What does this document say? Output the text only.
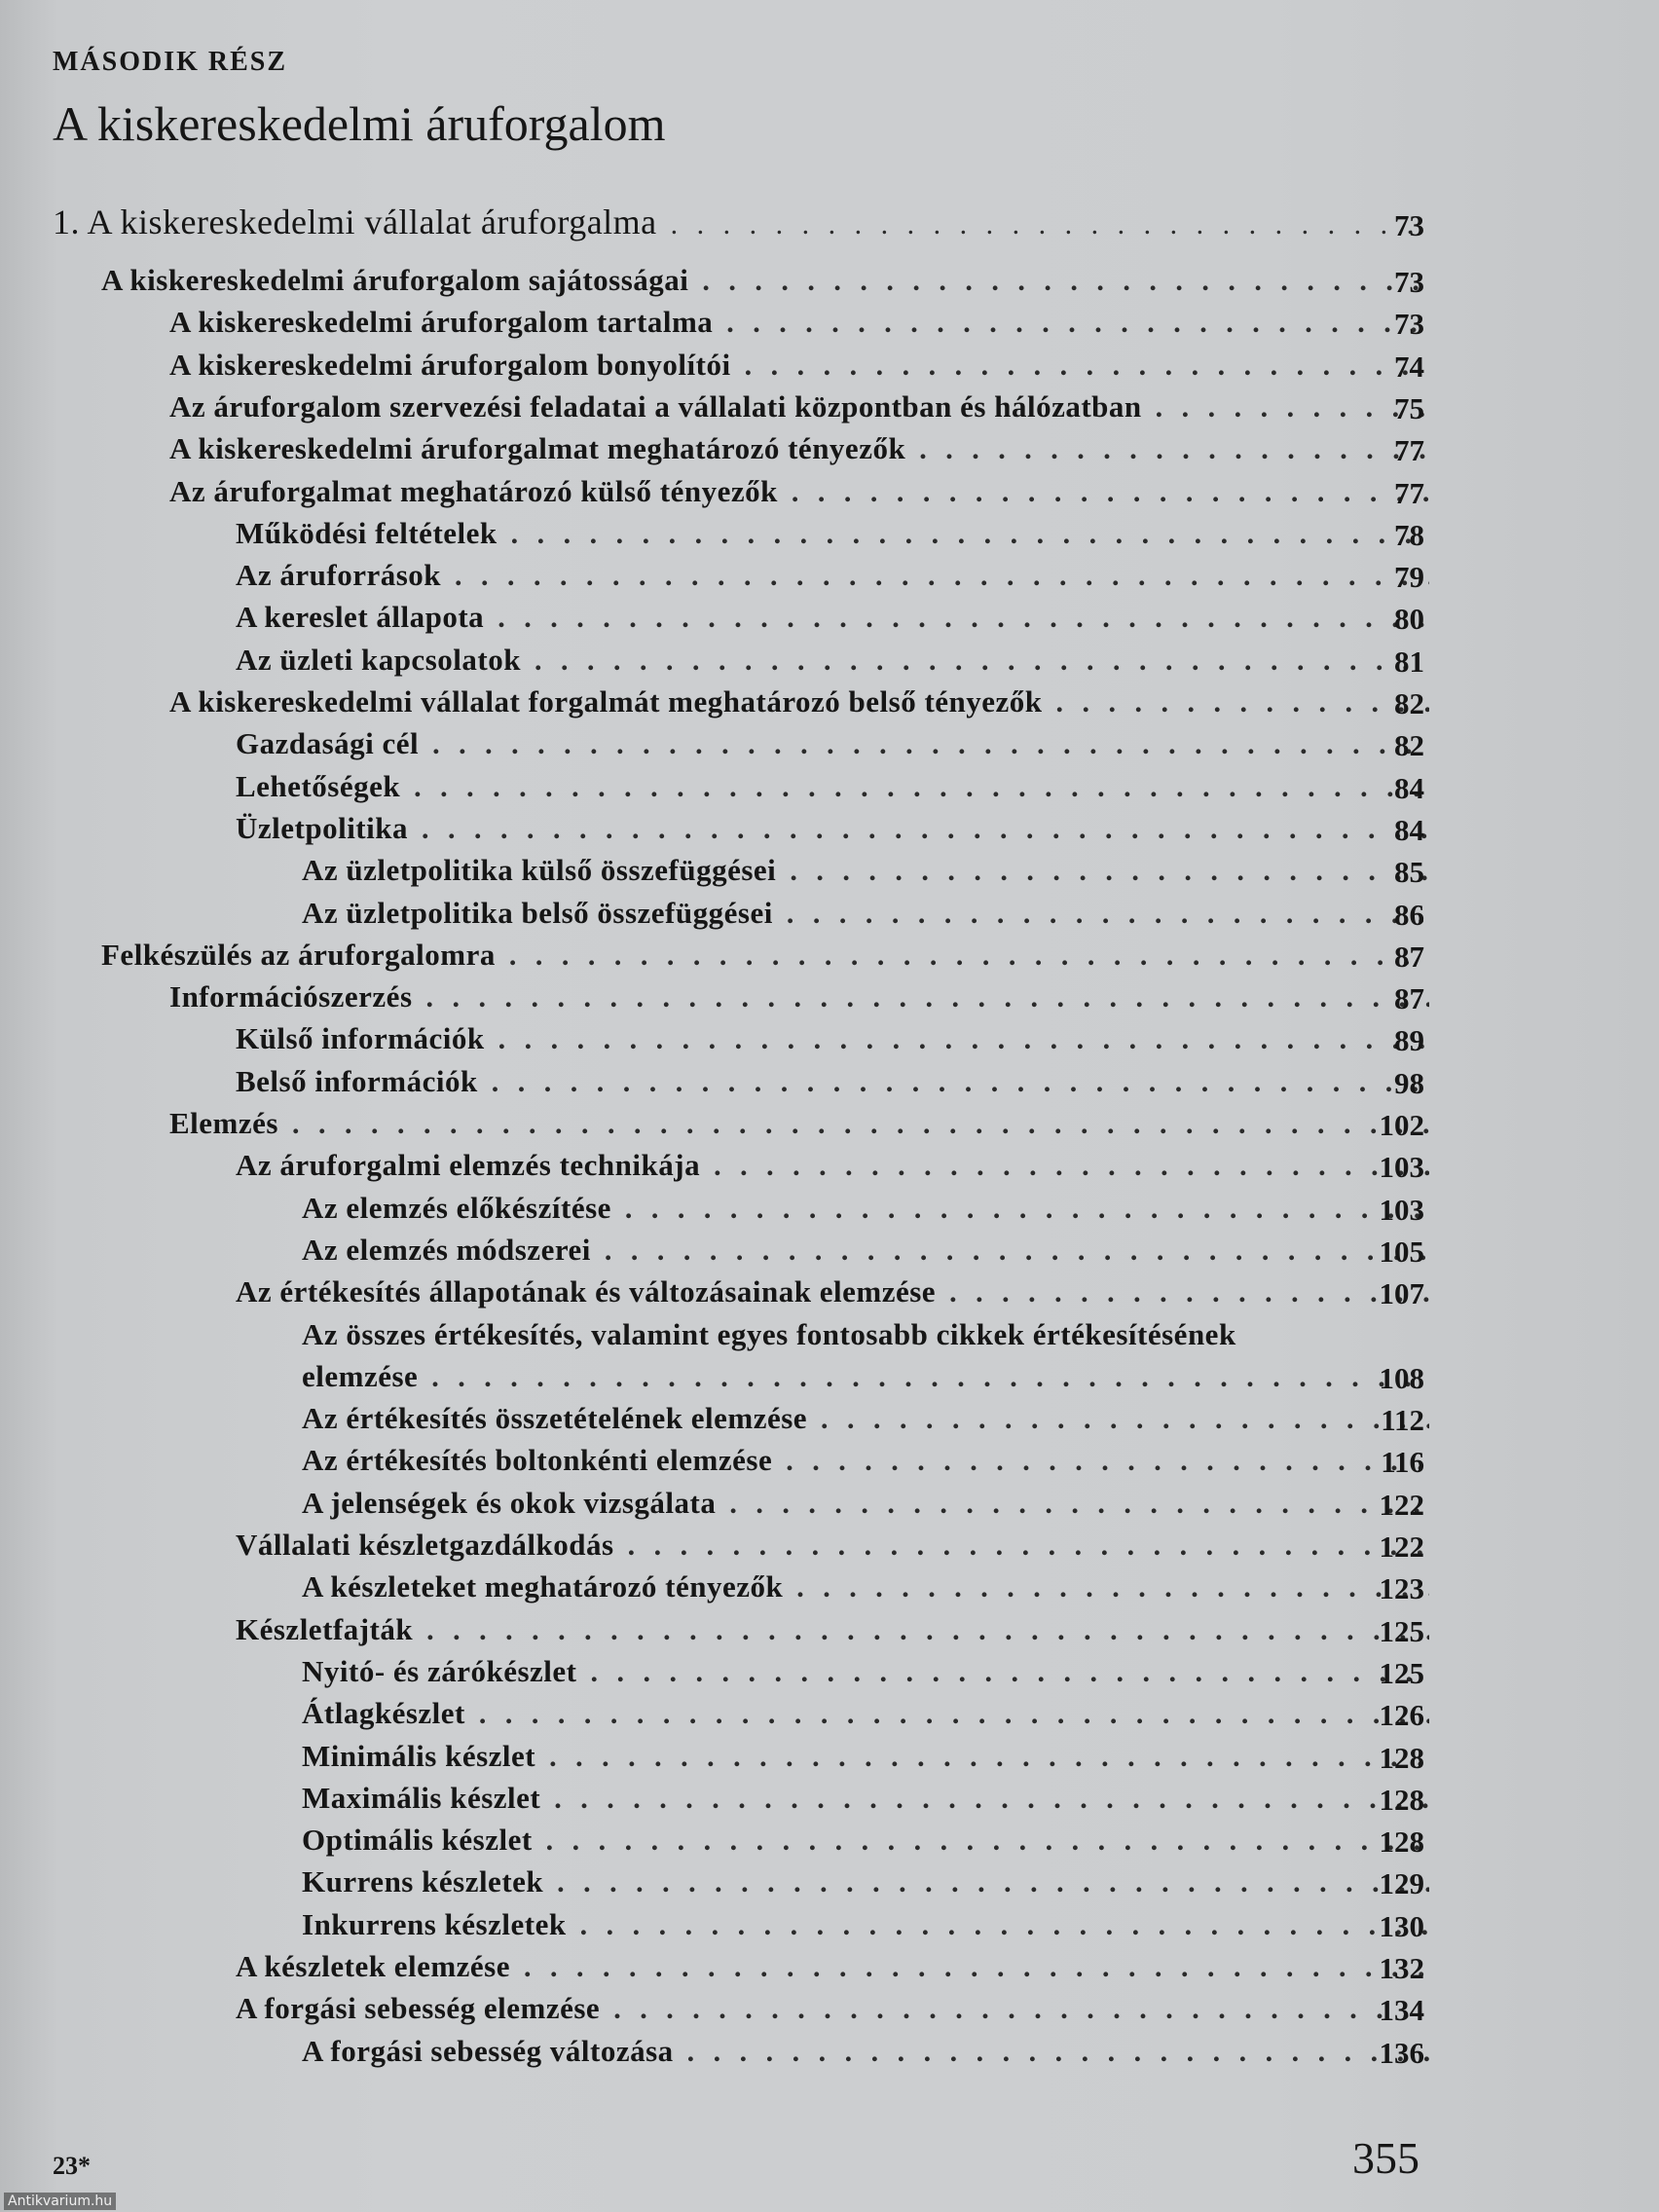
MÁSODIK RÉSZ
A kiskereskedelmi áruforgalom
1. A kiskereskedelmi vállalat áruforgalma . . .	73
A kiskereskedelmi áruforgalom sajátosságai . . .	73
A kiskereskedelmi áruforgalom tartalma . . .	73
A kiskereskedelmi áruforgalom bonyolítói . . .	74
Az áruforgalom szervezési feladatai a vállalati központban és hálózatban . . .	75
A kiskereskedelmi áruforgalmat meghatározó tényezők . . .	77
Az áruforgalmat meghatározó külső tényezők . . .	77
Működési feltételek . . .	78
Az áruforrások . . .	79
A kereslet állapota . . .	80
Az üzleti kapcsolatok . . .	81
A kiskereskedelmi vállalat forgalmát meghatározó belső tényezők . . .	82
Gazdasági cél . . .	82
Lehetőségek . . .	84
Üzletpolitika . . .	84
Az üzletpolitika külső összefüggései . . .	85
Az üzletpolitika belső összefüggései . . .	86
Felkészülés az áruforgalomra . . .	87
Információszerzés . . .	87
Külső információk . . .	89
Belső információk . . .	98
Elemzés . . .	102
Az áruforgalmi elemzés technikája . . .	103
Az elemzés előkészítése . . .	103
Az elemzés módszerei . . .	105
Az értékesítés állapotának és változásainak elemzése . . .	107
Az összes értékesítés, valamint egyes fontosabb cikkek értékesítésének
elemzése . . .	108
Az értékesítés összetételének elemzése . . .	112
Az értékesítés boltonkénti elemzése . . .	116
A jelenségek és okok vizsgálata . . .	122
Vállalati készletgazdálkodás . . .	122
A készleteket meghatározó tényezők . . .	123
Készletfajták . . .	125
Nyitó- és zárókészlet . . .	125
Átlagkészlet . . .	126
Minimális készlet . . .	128
Maximális készlet . . .	128
Optimális készlet . . .	128
Kurrens készletek . . .	129
Inkurrens készletek . . .	130
A készletek elemzése . . .	132
A forgási sebesség elemzése . . .	134
A forgási sebesség változása . . .	136
23*	355
Antikvarium.hu
